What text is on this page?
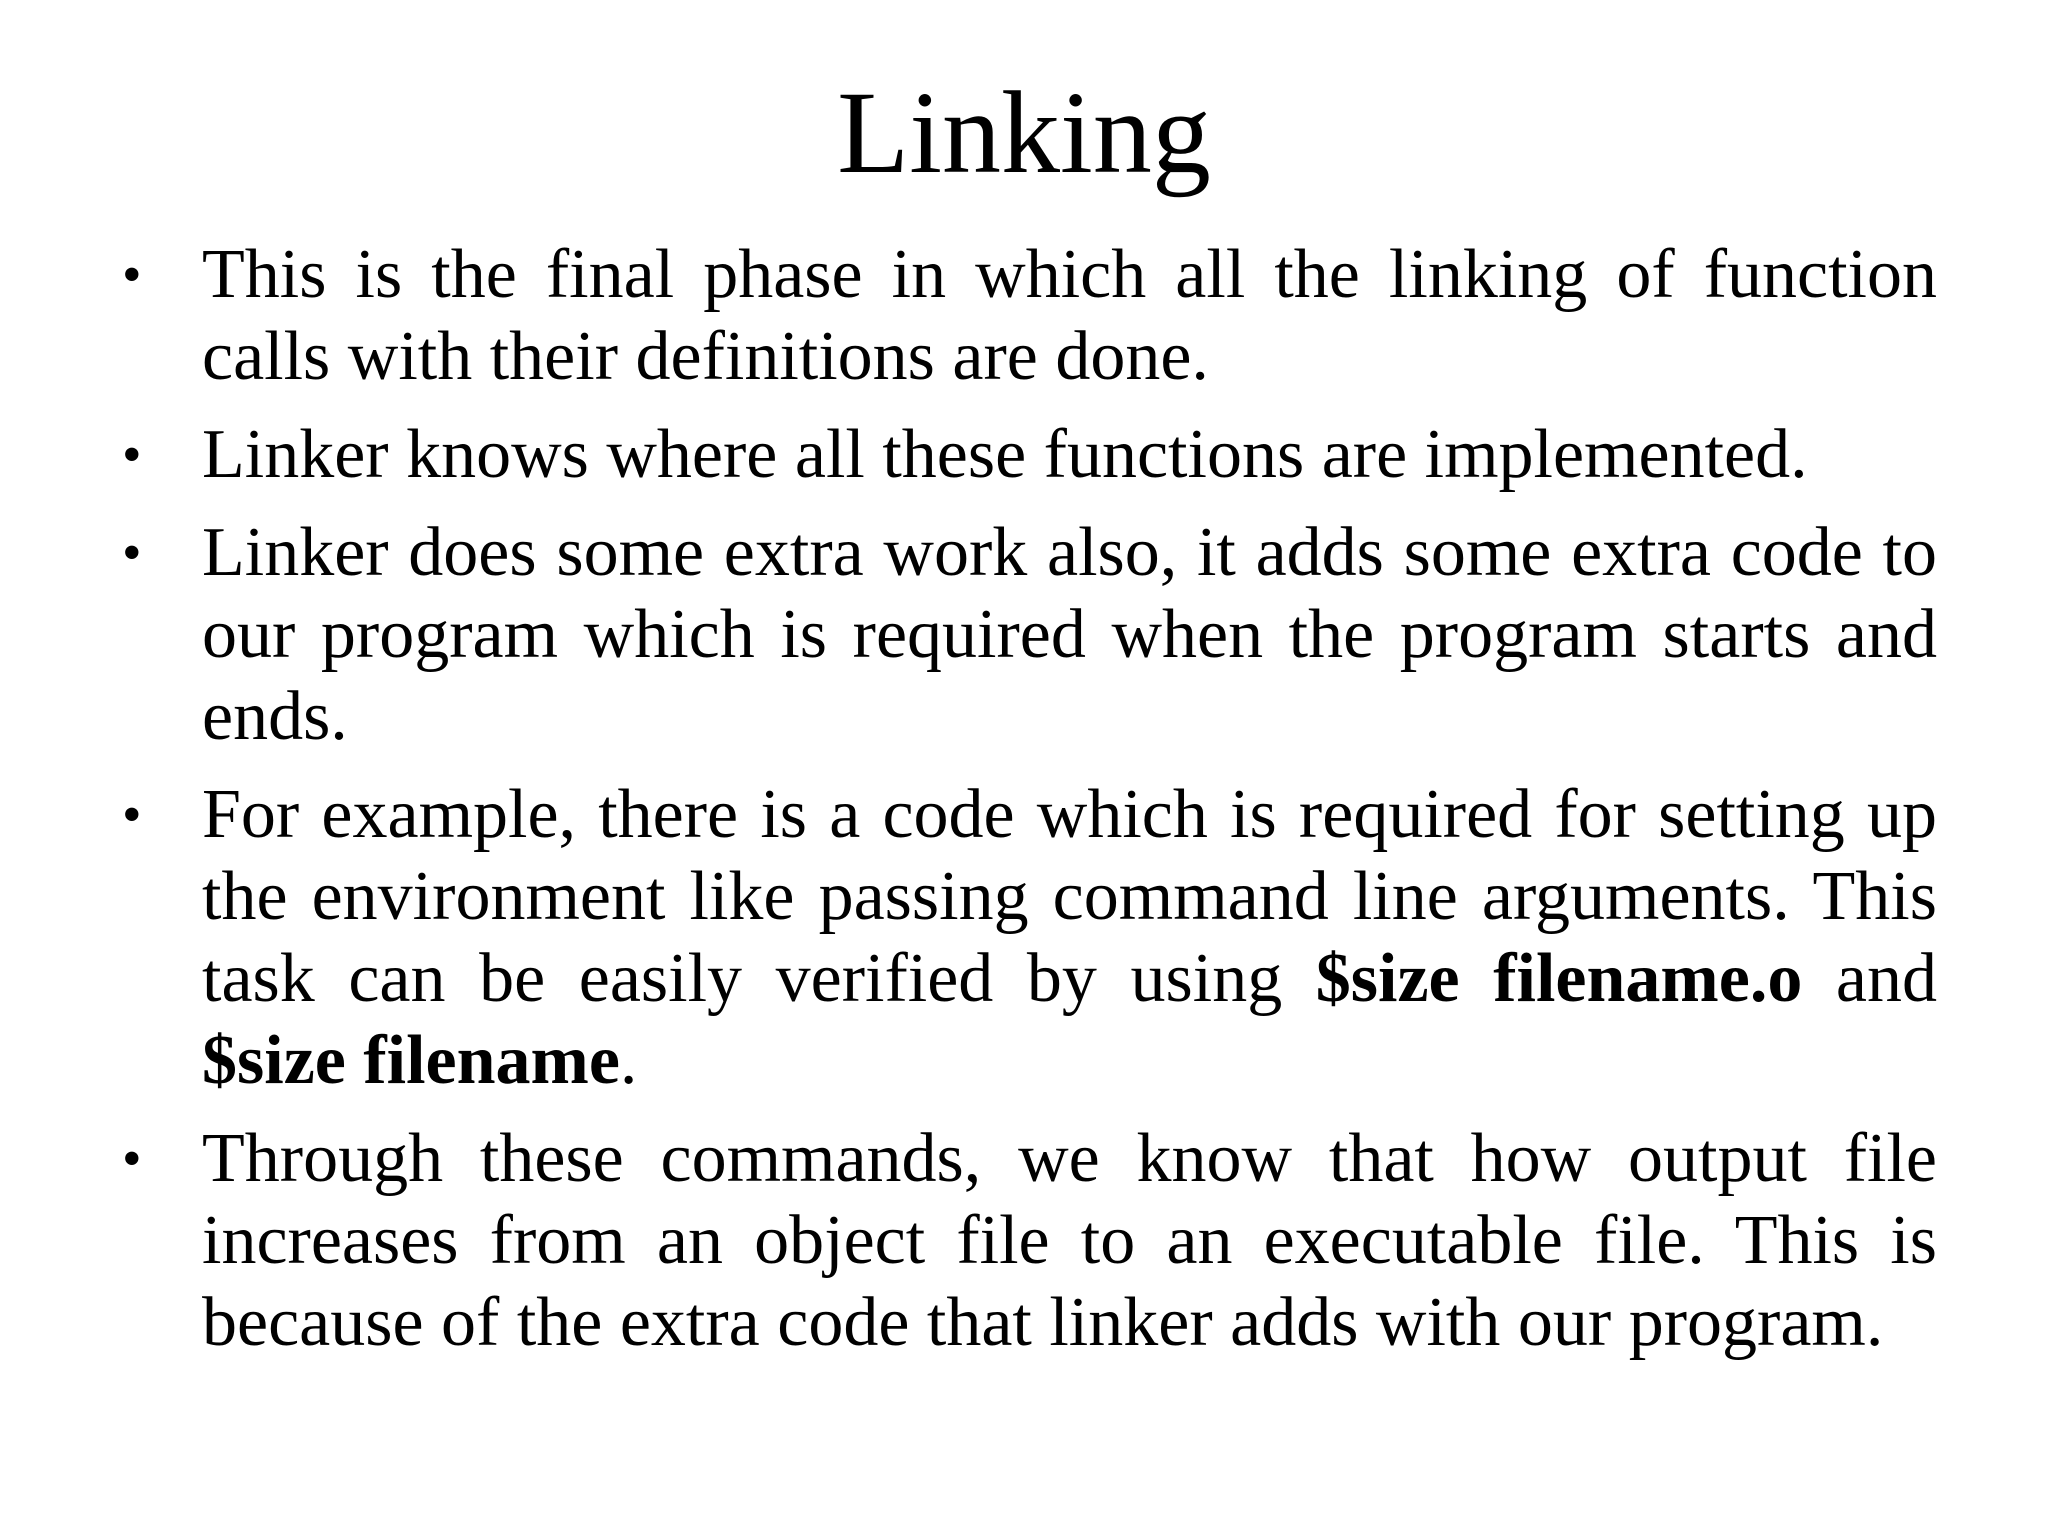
Linking
• This is the final phase in which all the linking of function calls with their definitions are done.
• Linker knows where all these functions are implemented.
• Linker does some extra work also, it adds some extra code to our program which is required when the program starts and ends.
• For example, there is a code which is required for setting up the environment like passing command line arguments. This task can be easily verified by using $size filename.o and $size filename.
• Through these commands, we know that how output file increases from an object file to an executable file. This is because of the extra code that linker adds with our program.
